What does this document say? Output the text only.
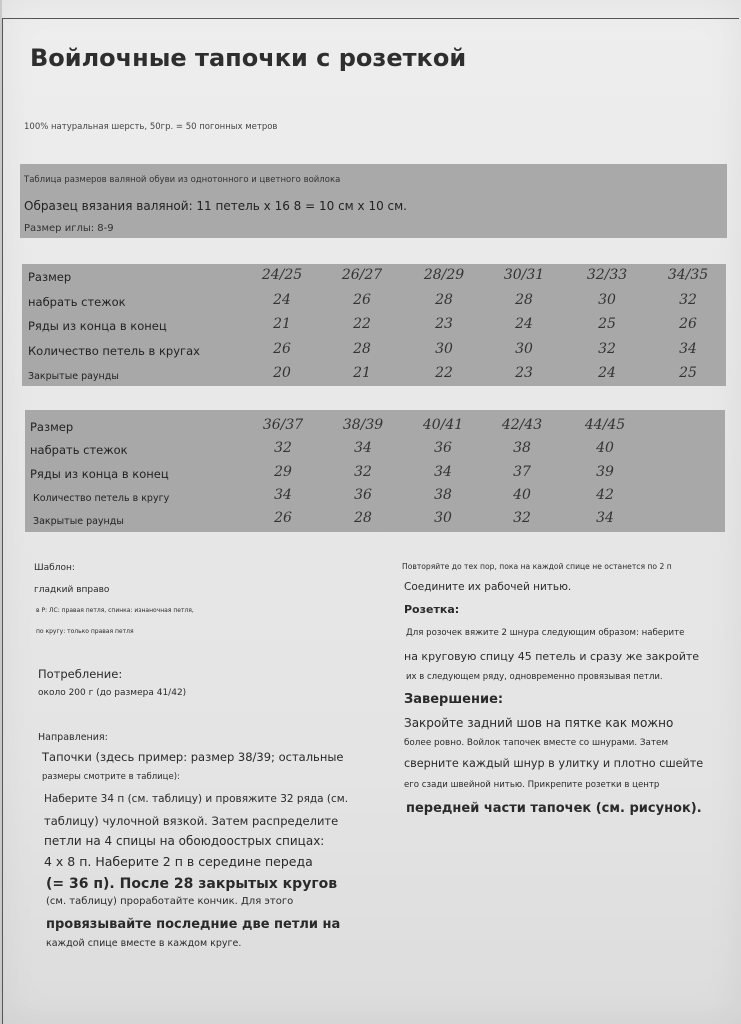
Войлочные тапочки с розеткой
100% натуральная шерсть, 50гр. = 50 погонных метров
Таблица размеров валяной обуви из однотонного и цветного войлока
Образец вязания валяной: 11 петель х 16 8 = 10 см х 10 см.
Размер иглы: 8-9
Размер	24/25	26/27	28/29	30/31	32/33	34/35
набрать стежок	24	26	28	28	30	32
Ряды из конца в конец	21	22	23	24	25	26
Количество петель в кругах	26	28	30	30	32	34
Закрытые раунды	20	21	22	23	24	25
Размер	36/37	38/39	40/41	42/43	44/45
набрать стежок	32	34	36	38	40
Ряды из конца в конец	29	32	34	37	39
Количество петель в кругу	34	36	38	40	42
Закрытые раунды	26	28	30	32	34
Шаблон:
гладкий вправо
в Р: ЛС: правая петля, спинка: изнаночная петля,
по кругу: только правая петля
Потребление:
около 200 г (до размера 41/42)
Направления:
Тапочки (здесь пример: размер 38/39; остальные
размеры смотрите в таблице):
Наберите 34 п (см. таблицу) и провяжите 32 ряда (см.
таблицу) чулочной вязкой. Затем распределите
петли на 4 спицы на обоюдоострых спицах:
4 х 8 п. Наберите 2 п в середине переда
(= 36 п). После 28 закрытых кругов
(см. таблицу) проработайте кончик. Для этого
провязывайте последние две петли на
каждой спице вместе в каждом круге.
Повторяйте до тех пор, пока на каждой спице не останется по 2 п
Соедините их рабочей нитью.
Розетка:
Для розочек вяжите 2 шнура следующим образом: наберите
на круговую спицу 45 петель и сразу же закройте
их в следующем ряду, одновременно провязывая петли.
Завершение:
Закройте задний шов на пятке как можно
более ровно. Войлок тапочек вместе со шнурами. Затем
сверните каждый шнур в улитку и плотно сшейте
его сзади швейной нитью. Прикрепите розетки в центр
передней части тапочек (см. рисунок).
